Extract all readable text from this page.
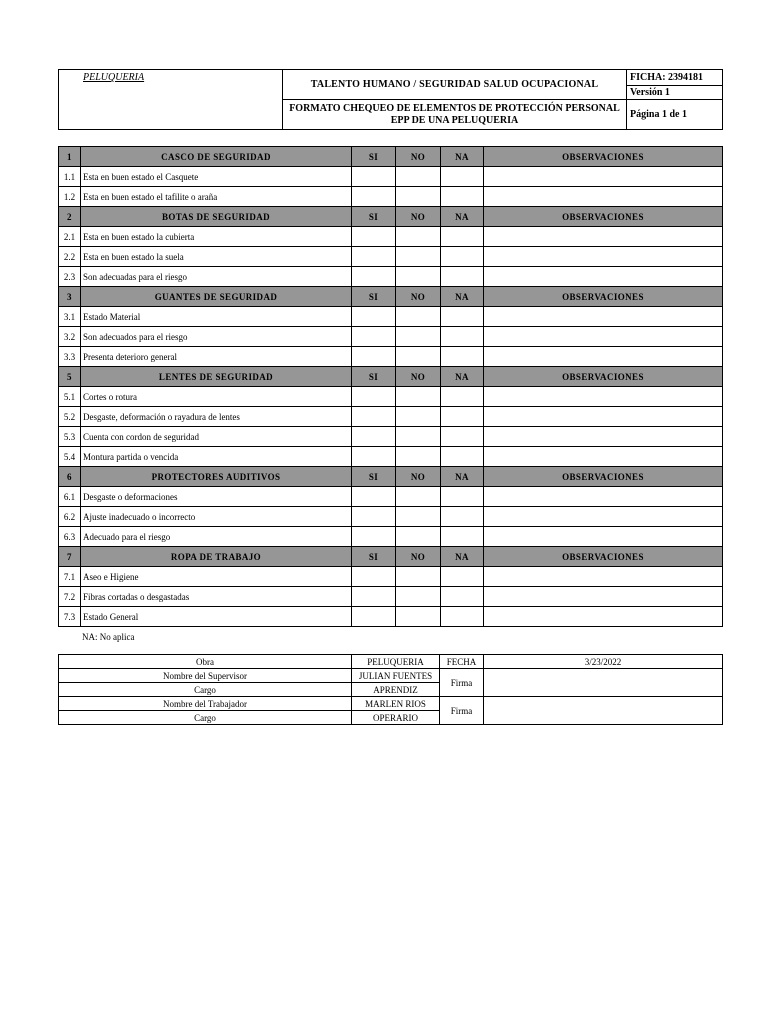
PELUQUERIA	TALENTO HUMANO / SEGURIDAD SALUD OCUPACIONAL	FICHA: 2394181
		Versión 1
	FORMATO CHEQUEO DE ELEMENTOS DE PROTECCIÓN PERSONAL EPP DE UNA PELUQUERIA	Página 1 de 1
1	CASCO DE SEGURIDAD	SI	NO	NA	OBSERVACIONES
1.1	Esta en buen estado el Casquete				
1.2	Esta en buen estado el tafilite o araña				
2	BOTAS DE SEGURIDAD	SI	NO	NA	OBSERVACIONES
2.1	Esta en buen estado la cubierta				
2.2	Esta en buen estado la suela				
2.3	Son adecuadas para el riesgo				
3	GUANTES DE SEGURIDAD	SI	NO	NA	OBSERVACIONES
3.1	Estado Material				
3.2	Son adecuados para el riesgo				
3.3	Presenta deterioro general				
5	LENTES DE SEGURIDAD	SI	NO	NA	OBSERVACIONES
5.1	Cortes o rotura				
5.2	Desgaste, deformación o rayadura de lentes				
5.3	Cuenta con cordon de seguridad				
5.4	Montura partida o vencida				
6	PROTECTORES AUDITIVOS	SI	NO	NA	OBSERVACIONES
6.1	Desgaste o deformaciones				
6.2	Ajuste inadecuado o incorrecto				
6.3	Adecuado para el riesgo				
7	ROPA DE TRABAJO	SI	NO	NA	OBSERVACIONES
7.1	Aseo e Higiene				
7.2	Fibras cortadas o desgastadas				
7.3	Estado General				
NA: No aplica
Obra	PELUQUERIA	FECHA	3/23/2022
Nombre del Supervisor	JULIAN FUENTES	Firma	
Cargo	APRENDIZ		
Nombre del Trabajador	MARLEN RIOS	Firma	
Cargo	OPERARIO		
